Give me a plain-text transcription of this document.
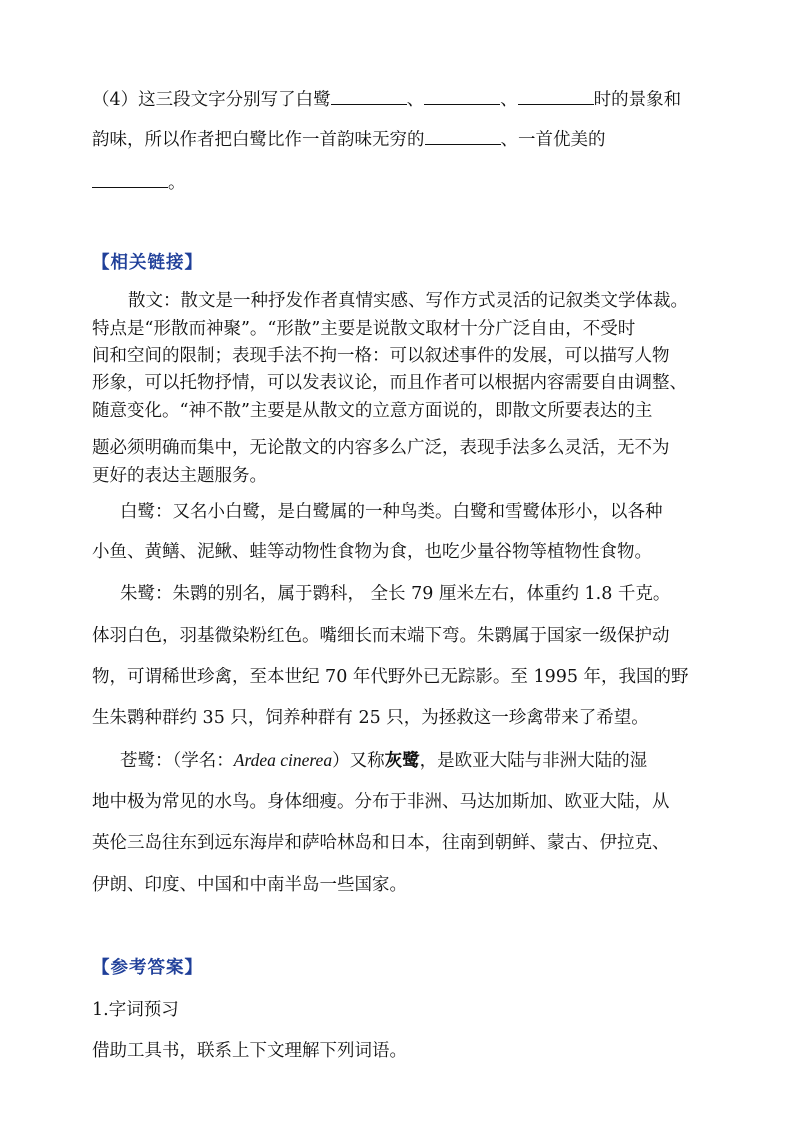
（4）这三段文字分别写了白鹭	、	、	时的景象和
韵味，所以作者把白鹭比作一首韵味无穷的	、一首优美的
。
【相关链接】
散文：散文是一种抒发作者真情实感、写作方式灵活的记叙类文学体裁。
特点是“形散而神聚”。“形散”主要是说散文取材十分广泛自由，不受时
间和空间的限制；表现手法不拘一格：可以叙述事件的发展，可以描写人物
形象，可以托物抒情，可以发表议论，而且作者可以根据内容需要自由调整、
随意变化。“神不散”主要是从散文的立意方面说的，即散文所要表达的主
题必须明确而集中，无论散文的内容多么广泛，表现手法多么灵活，无不为
更好的表达主题服务。
白鹭：又名小白鹭，是白鹭属的一种鸟类。白鹭和雪鹭体形小，以各种
小鱼、黄鳝、泥鳅、蛙等动物性食物为食，也吃少量谷物等植物性食物。
朱鹭：朱鹮的别名，属于鹮科， 全长 79 厘米左右，体重约 1.8 千克。
体羽白色，羽基微染粉红色。嘴细长而末端下弯。朱鹮属于国家一级保护动
物，可谓稀世珍禽，至本世纪 70 年代野外已无踪影。至 1995 年，我国的野
生朱鹮种群约 35 只，饲养种群有 25 只，为拯救这一珍禽带来了希望。
苍鹭：（学名：Ardea cinerea）又称灰鹭，是欧亚大陆与非洲大陆的湿
地中极为常见的水鸟。身体细瘦。分布于非洲、马达加斯加、欧亚大陆，从
英伦三岛往东到远东海岸和萨哈林岛和日本，往南到朝鲜、蒙古、伊拉克、
伊朗、印度、中国和中南半岛一些国家。
【参考答案】
1.字词预习
借助工具书，联系上下文理解下列词语。
